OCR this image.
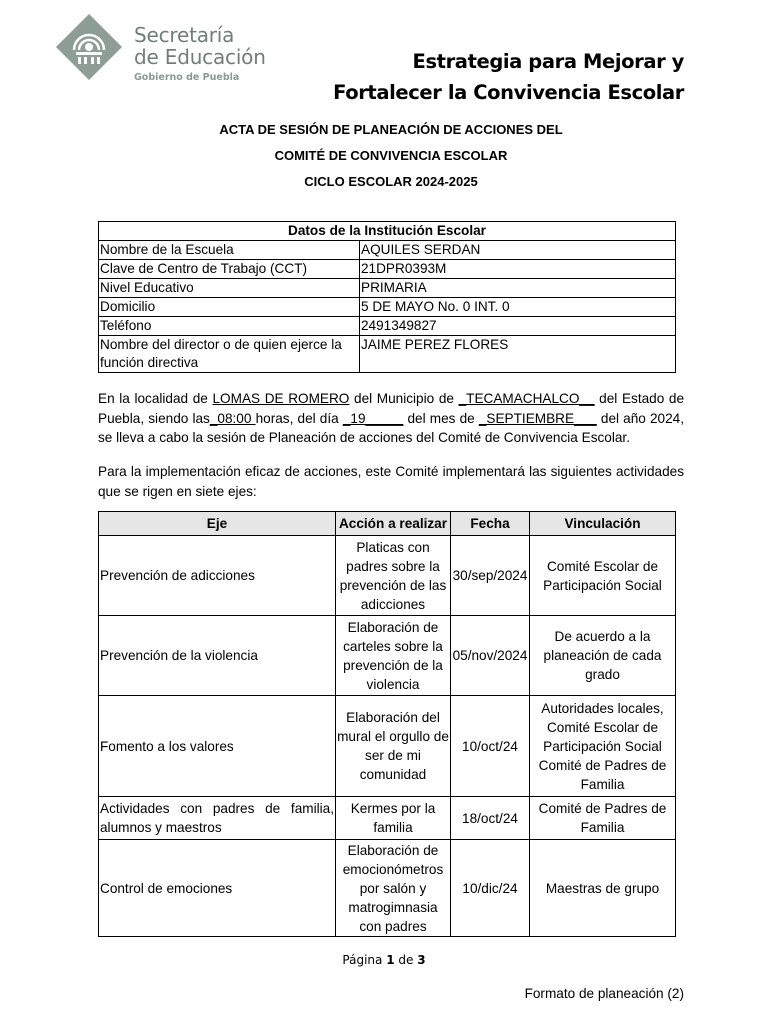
Secretaría
de Educación
Gobierno de Puebla
Estrategia para Mejorar y
Fortalecer la Convivencia Escolar
ACTA DE SESIÓN DE PLANEACIÓN DE ACCIONES DEL
COMITÉ DE CONVIVENCIA ESCOLAR
CICLO ESCOLAR 2024-2025
Datos de la Institución Escolar	
Nombre de la Escuela	AQUILES SERDAN
Clave de Centro de Trabajo (CCT)	21DPR0393M
Nivel Educativo	PRIMARIA
Domicilio	5 DE MAYO No. 0 INT. 0
Teléfono	2491349827
Nombre del director o de quien ejerce la función directiva	JAIME PEREZ FLORES
En la localidad de LOMAS DE ROMERO del Municipio de _TECAMACHALCO__ del Estado de Puebla, siendo las_08:00 horas, del día _19_____ del mes de _SEPTIEMBRE___ del año 2024, se lleva a cabo la sesión de Planeación de acciones del Comité de Convivencia Escolar.
Para la implementación eficaz de acciones, este Comité implementará las siguientes actividades que se rigen en siete ejes:
Eje	Acción a realizar	Fecha	Vinculación
Prevención de adicciones	Platicas con padres sobre la prevención de las adicciones	30/sep/2024	Comité Escolar de Participación Social
Prevención de la violencia	Elaboración de carteles sobre la prevención de la violencia	05/nov/2024	De acuerdo a la planeación de cada grado
Fomento a los valores	Elaboración del mural el orgullo de ser de mi comunidad	10/oct/24	Autoridades locales, Comité Escolar de Participación Social Comité de Padres de Familia
Actividades con padres de familia, alumnos y maestros	Kermes por la familia	18/oct/24	Comité de Padres de Familia
Control de emociones	Elaboración de emocionómetros por salón y matrogimnasia con padres	10/dic/24	Maestras de grupo
Página 1 de 3
Formato de planeación (2)
